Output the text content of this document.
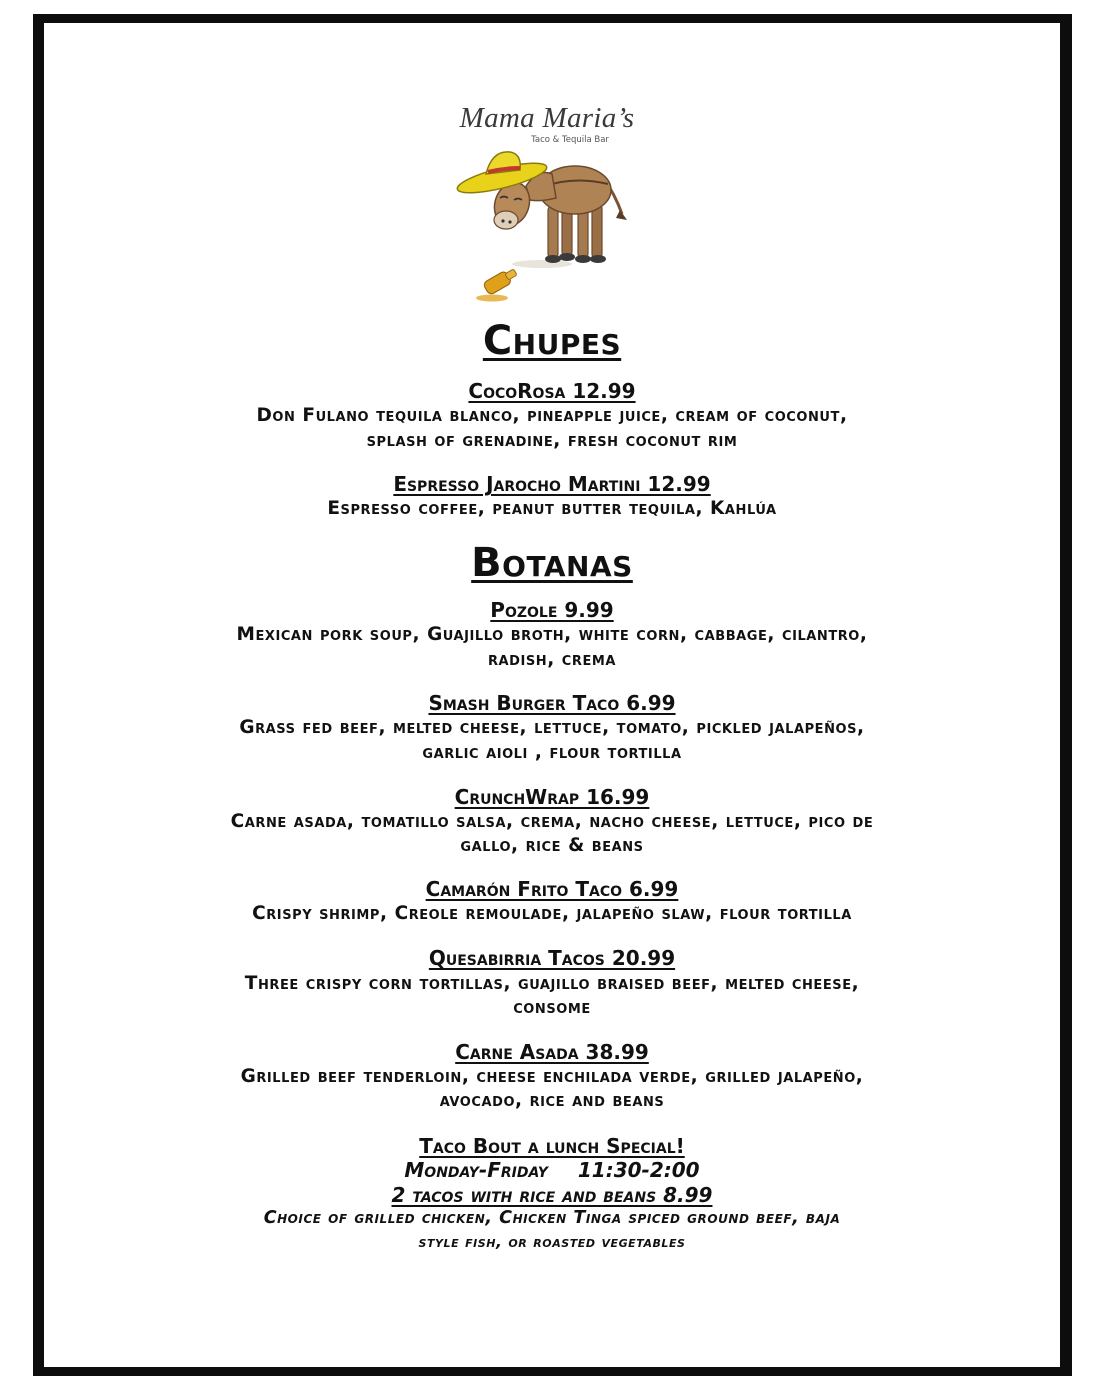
Mama Maria’s
Taco & Tequila Bar
Chupes
CocoRosa 12.99
Don Fulano tequila blanco, pineapple juice, cream of coconut,
splash of grenadine, fresh coconut rim
Espresso Jarocho Martini 12.99
Espresso coffee, peanut butter tequila, Kahlúa
Botanas
Pozole 9.99
Mexican pork soup, Guajillo broth, white corn, cabbage, cilantro,
radish, crema
Smash Burger Taco 6.99
Grass fed beef, melted cheese, lettuce, tomato, pickled jalapeños,
garlic aioli , flour tortilla
CrunchWrap 16.99
Carne asada, tomatillo salsa, crema, nacho cheese, lettuce, pico de
gallo, rice & beans
Camarón Frito Taco 6.99
Crispy shrimp, Creole remoulade, jalapeño slaw, flour tortilla
Quesabirria Tacos 20.99
Three crispy corn tortillas, guajillo braised beef, melted cheese,
consome
Carne Asada 38.99
Grilled beef tenderloin, cheese enchilada verde, grilled jalapeño,
avocado, rice and beans
Taco Bout a lunch Special!
Monday-Friday 11:30-2:00
2 tacos with rice and beans 8.99
Choice of grilled chicken, Chicken Tinga spiced ground beef, baja
style fish, or roasted vegetables
